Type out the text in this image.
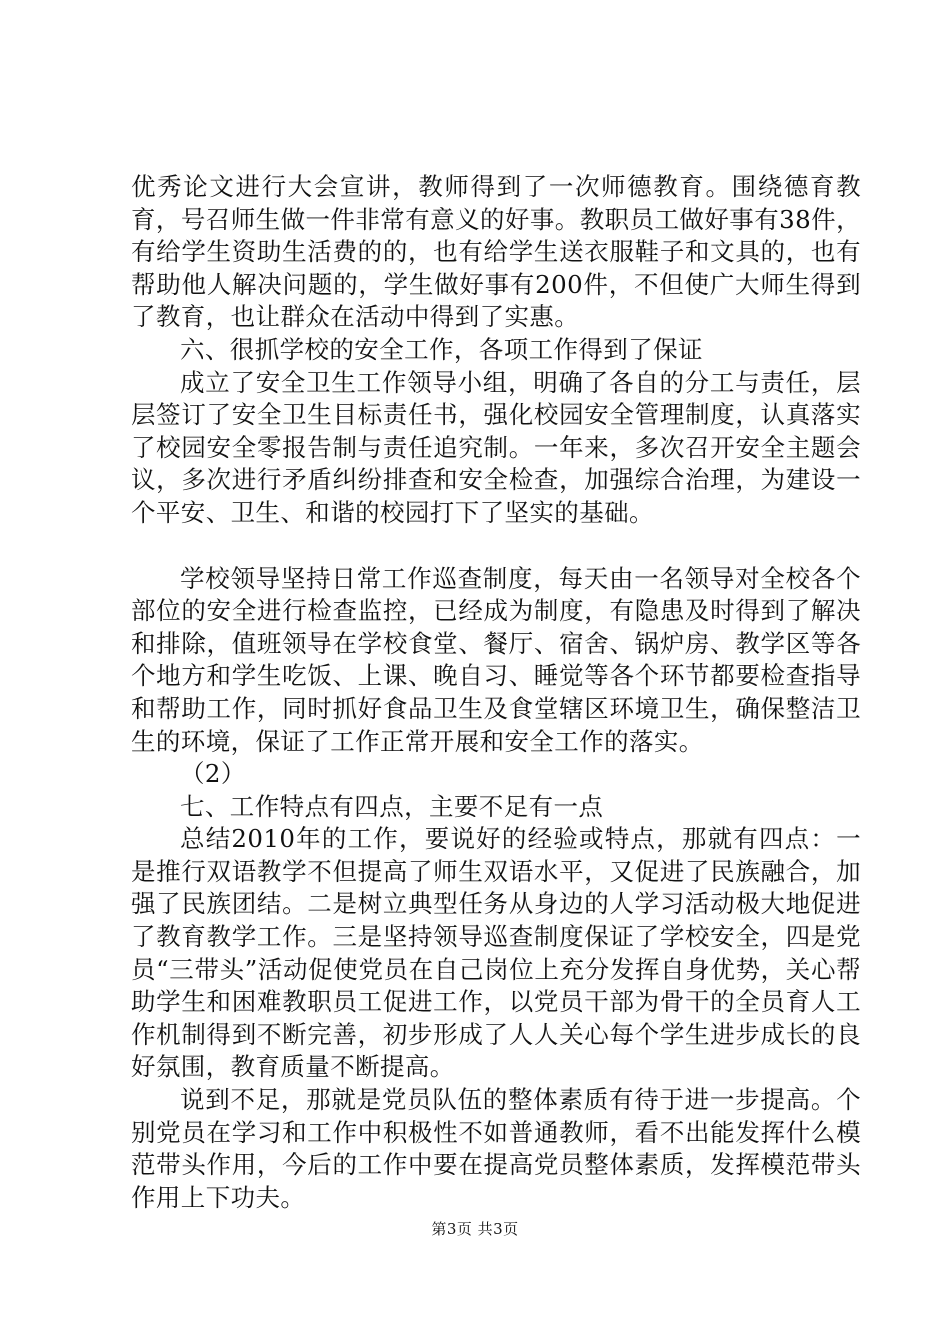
优秀论文进行大会宣讲，教师得到了一次师德教育。围绕德育教育，号召师生做一件非常有意义的好事。教职员工做好事有38件，有给学生资助生活费的的，也有给学生送衣服鞋子和文具的，也有帮助他人解决问题的，学生做好事有200件，不但使广大师生得到了教育，也让群众在活动中得到了实惠。

六、很抓学校的安全工作，各项工作得到了保证

成立了安全卫生工作领导小组，明确了各自的分工与责任，层层签订了安全卫生目标责任书，强化校园安全管理制度，认真落实了校园安全零报告制与责任追究制。一年来，多次召开安全主题会议，多次进行矛盾纠纷排查和安全检查，加强综合治理，为建设一个平安、卫生、和谐的校园打下了坚实的基础。

学校领导坚持日常工作巡查制度，每天由一名领导对全校各个部位的安全进行检查监控，已经成为制度，有隐患及时得到了解决和排除，值班领导在学校食堂、餐厅、宿舍、锅炉房、教学区等各个地方和学生吃饭、上课、晚自习、睡觉等各个环节都要检查指导和帮助工作，同时抓好食品卫生及食堂辖区环境卫生，确保整洁卫生的环境，保证了工作正常开展和安全工作的落实。

（2）

七、工作特点有四点，主要不足有一点

总结2010年的工作，要说好的经验或特点，那就有四点：一是推行双语教学不但提高了师生双语水平，又促进了民族融合，加强了民族团结。二是树立典型任务从身边的人学习活动极大地促进了教育教学工作。三是坚持领导巡查制度保证了学校安全，四是党员“三带头”活动促使党员在自己岗位上充分发挥自身优势，关心帮助学生和困难教职员工促进工作，以党员干部为骨干的全员育人工作机制得到不断完善，初步形成了人人关心每个学生进步成长的良好氛围，教育质量不断提高。

说到不足，那就是党员队伍的整体素质有待于进一步提高。个别党员在学习和工作中积极性不如普通教师，看不出能发挥什么模范带头作用，今后的工作中要在提高党员整体素质，发挥模范带头作用上下功夫。

第3页 共3页
